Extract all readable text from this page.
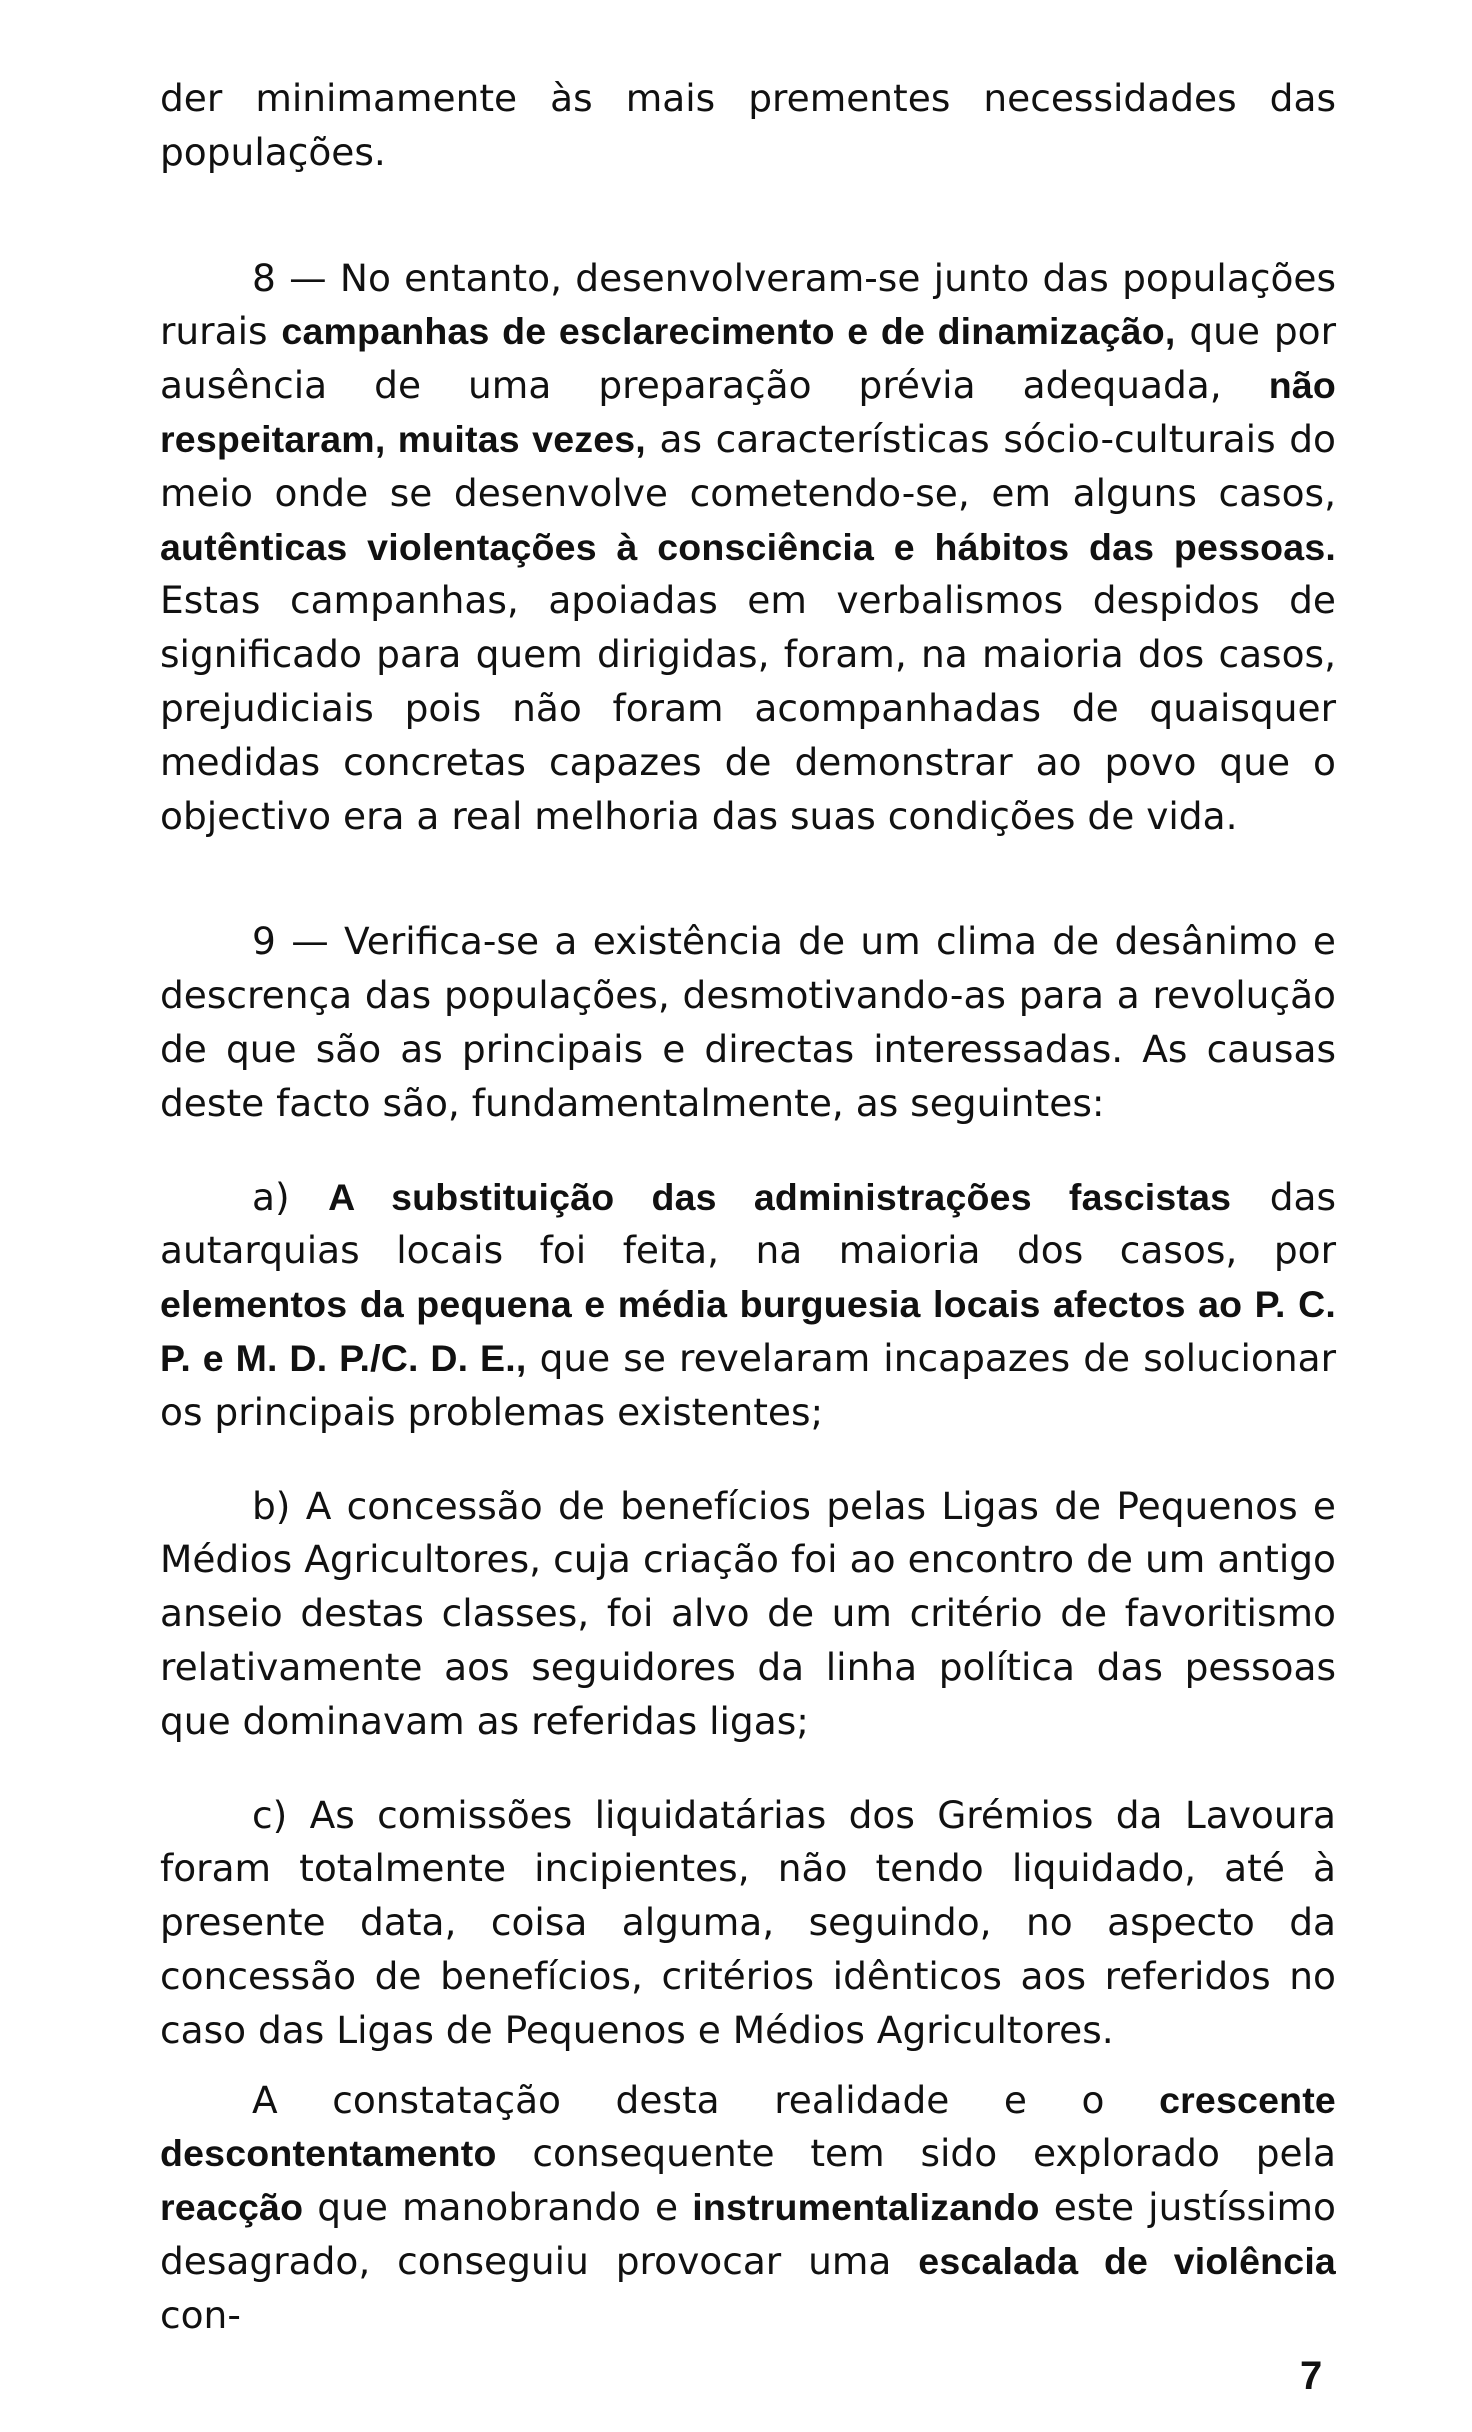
der minimamente às mais prementes necessidades das populações.

8 — No entanto, desenvolveram-se junto das populações rurais campanhas de esclarecimento e de dinamização, que por ausência de uma preparação prévia adequada, não respeitaram, muitas vezes, as características sócio-culturais do meio onde se desenvolve cometendo-se, em alguns casos, autênticas violentações à consciência e hábitos das pessoas. Estas campanhas, apoiadas em verbalismos despidos de significado para quem dirigidas, foram, na maioria dos casos, prejudiciais pois não foram acompanhadas de quaisquer medidas concretas capazes de demonstrar ao povo que o objectivo era a real melhoria das suas condições de vida.

9 — Verifica-se a existência de um clima de desânimo e descrença das populações, desmotivando-as para a revolução de que são as principais e directas interessadas. As causas deste facto são, fundamentalmente, as seguintes:

a) A substituição das administrações fascistas das autarquias locais foi feita, na maioria dos casos, por elementos da pequena e média burguesia locais afectos ao P. C. P. e M. D. P./C. D. E., que se revelaram incapazes de solucionar os principais problemas existentes;

b) A concessão de benefícios pelas Ligas de Pequenos e Médios Agricultores, cuja criação foi ao encontro de um antigo anseio destas classes, foi alvo de um critério de favoritismo relativamente aos seguidores da linha política das pessoas que dominavam as referidas ligas;

c) As comissões liquidatárias dos Grémios da Lavoura foram totalmente incipientes, não tendo liquidado, até à presente data, coisa alguma, seguindo, no aspecto da concessão de benefícios, critérios idênticos aos referidos no caso das Ligas de Pequenos e Médios Agricultores.

A constatação desta realidade e o crescente descontentamento consequente tem sido explorado pela reacção que manobrando e instrumentalizando este justíssimo desagrado, conseguiu provocar uma escalada de violência con-

7
